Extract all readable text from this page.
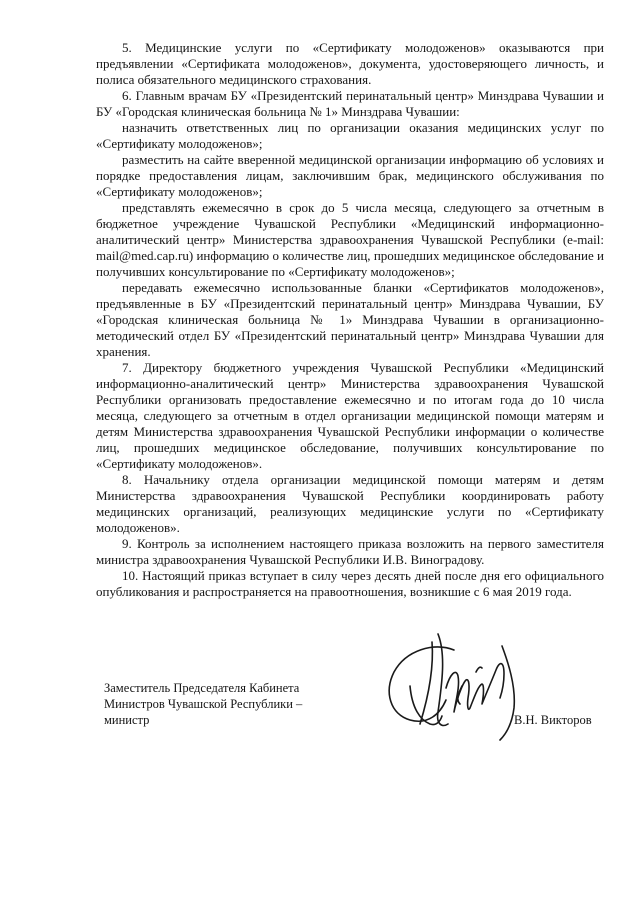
5. Медицинские услуги по «Сертификату молодоженов» оказываются при предъявлении «Сертификата молодоженов», документа, удостоверяющего личность, и полиса обязательного медицинского страхования.

6. Главным врачам БУ «Президентский перинатальный центр» Минздрава Чувашии и БУ «Городская клиническая больница № 1» Минздрава Чувашии:

назначить ответственных лиц по организации оказания медицинских услуг по «Сертификату молодоженов»;

разместить на сайте вверенной медицинской организации информацию об условиях и порядке предоставления лицам, заключившим брак, медицинского обслуживания по «Сертификату молодоженов»;

представлять ежемесячно в срок до 5 числа месяца, следующего за отчетным в бюджетное учреждение Чувашской Республики «Медицинский информационно-аналитический центр» Министерства здравоохранения Чувашской Республики (e-mail: mail@med.cap.ru) информацию о количестве лиц, прошедших медицинское обследование и получивших консультирование по «Сертификату молодоженов»;

передавать ежемесячно использованные бланки «Сертификатов молодоженов», предъявленные в БУ «Президентский перинатальный центр» Минздрава Чувашии, БУ «Городская клиническая больница № 1» Минздрава Чувашии в организационно-методический отдел БУ «Президентский перинатальный центр» Минздрава Чувашии для хранения.

7. Директору бюджетного учреждения Чувашской Республики «Медицинский информационно-аналитический центр» Министерства здравоохранения Чувашской Республики организовать предоставление ежемесячно и по итогам года до 10 числа месяца, следующего за отчетным в отдел организации медицинской помощи матерям и детям Министерства здравоохранения Чувашской Республики информации о количестве лиц, прошедших медицинское обследование, получивших консультирование по «Сертификату молодоженов».

8. Начальнику отдела организации медицинской помощи матерям и детям Министерства здравоохранения Чувашской Республики координировать работу медицинских организаций, реализующих медицинские услуги по «Сертификату молодоженов».

9. Контроль за исполнением настоящего приказа возложить на первого заместителя министра здравоохранения Чувашской Республики И.В. Виноградову.

10. Настоящий приказ вступает в силу через десять дней после дня его официального опубликования и распространяется на правоотношения, возникшие с 6 мая 2019 года.

Заместитель Председателя Кабинета
Министров Чувашской Республики –
министр	В.Н. Викторов
